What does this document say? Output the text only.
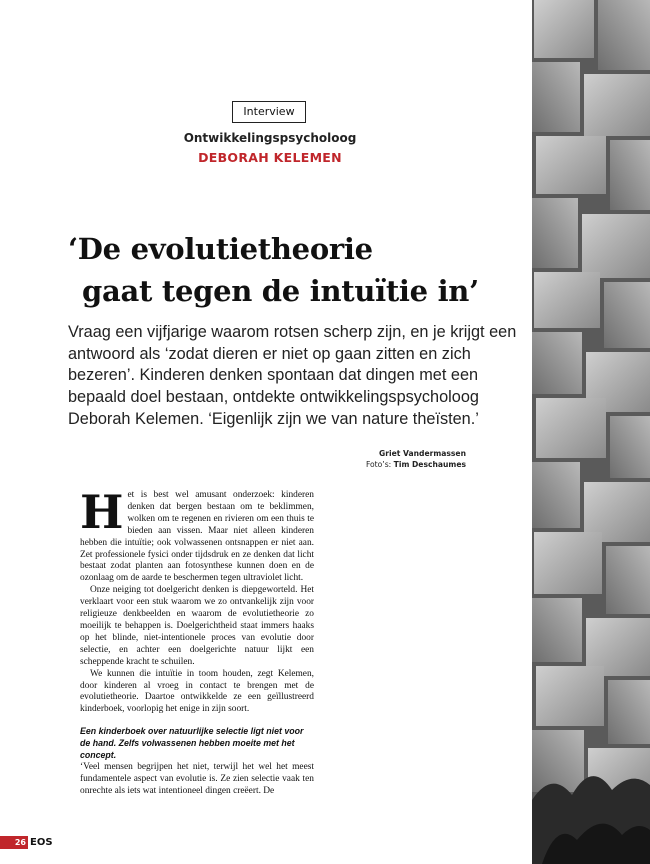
Interview
Ontwikkelingspsycholoog
DEBORAH KELEMEN
‘De evolutietheorie
gaat tegen de intuïtie in’
Vraag een vijfjarige waarom rotsen scherp zijn, en je krijgt een antwoord als ‘zodat dieren er niet op gaan zitten en zich bezeren’. Kinderen denken spontaan dat dingen met een bepaald doel bestaan, ontdekte ontwikkelingspsycholoog Deborah Kelemen. ‘Eigenlijk zijn we van nature theïsten.’
Griet Vandermassen
Foto’s: Tim Deschaumes

Het is best wel amusant onderzoek: kinderen denken dat bergen bestaan om te beklimmen, wolken om te regenen en rivieren om een thuis te bieden aan vissen. Maar niet alleen kinderen hebben die intuïtie; ook volwassenen ontsnappen er niet aan. Zet professionele fysici onder tijdsdruk en ze denken dat licht bestaat zodat planten aan fotosynthese kunnen doen en de ozonlaag om de aarde te beschermen tegen ultraviolet licht.

Onze neiging tot doelgericht denken is diepgeworteld. Het verklaart voor een stuk waarom we zo ontvankelijk zijn voor religieuze denkbeelden en waarom de evolutietheorie zo moeilijk te behappen is. Doelgerichtheid staat immers haaks op het blinde, niet-intentionele proces van evolutie door selectie, en achter een doelgerichte natuur lijkt een scheppende kracht te schuilen.

We kunnen die intuïtie in toom houden, zegt Kelemen, door kinderen al vroeg in contact te brengen met de evolutietheorie. Daartoe ontwikkelde ze een geïllustreerd kinderboek, voorlopig het enige in zijn soort.

Een kinderboek over natuurlijke selectie ligt niet voor de hand. Zelfs volwassenen hebben moeite met het concept.

‘Veel mensen begrijpen het niet, terwijl het wel het meest fundamentele aspect van evolutie is. Ze zien selectie vaak ten onrechte als iets wat intentioneel dingen creëert. De

26 EOS
